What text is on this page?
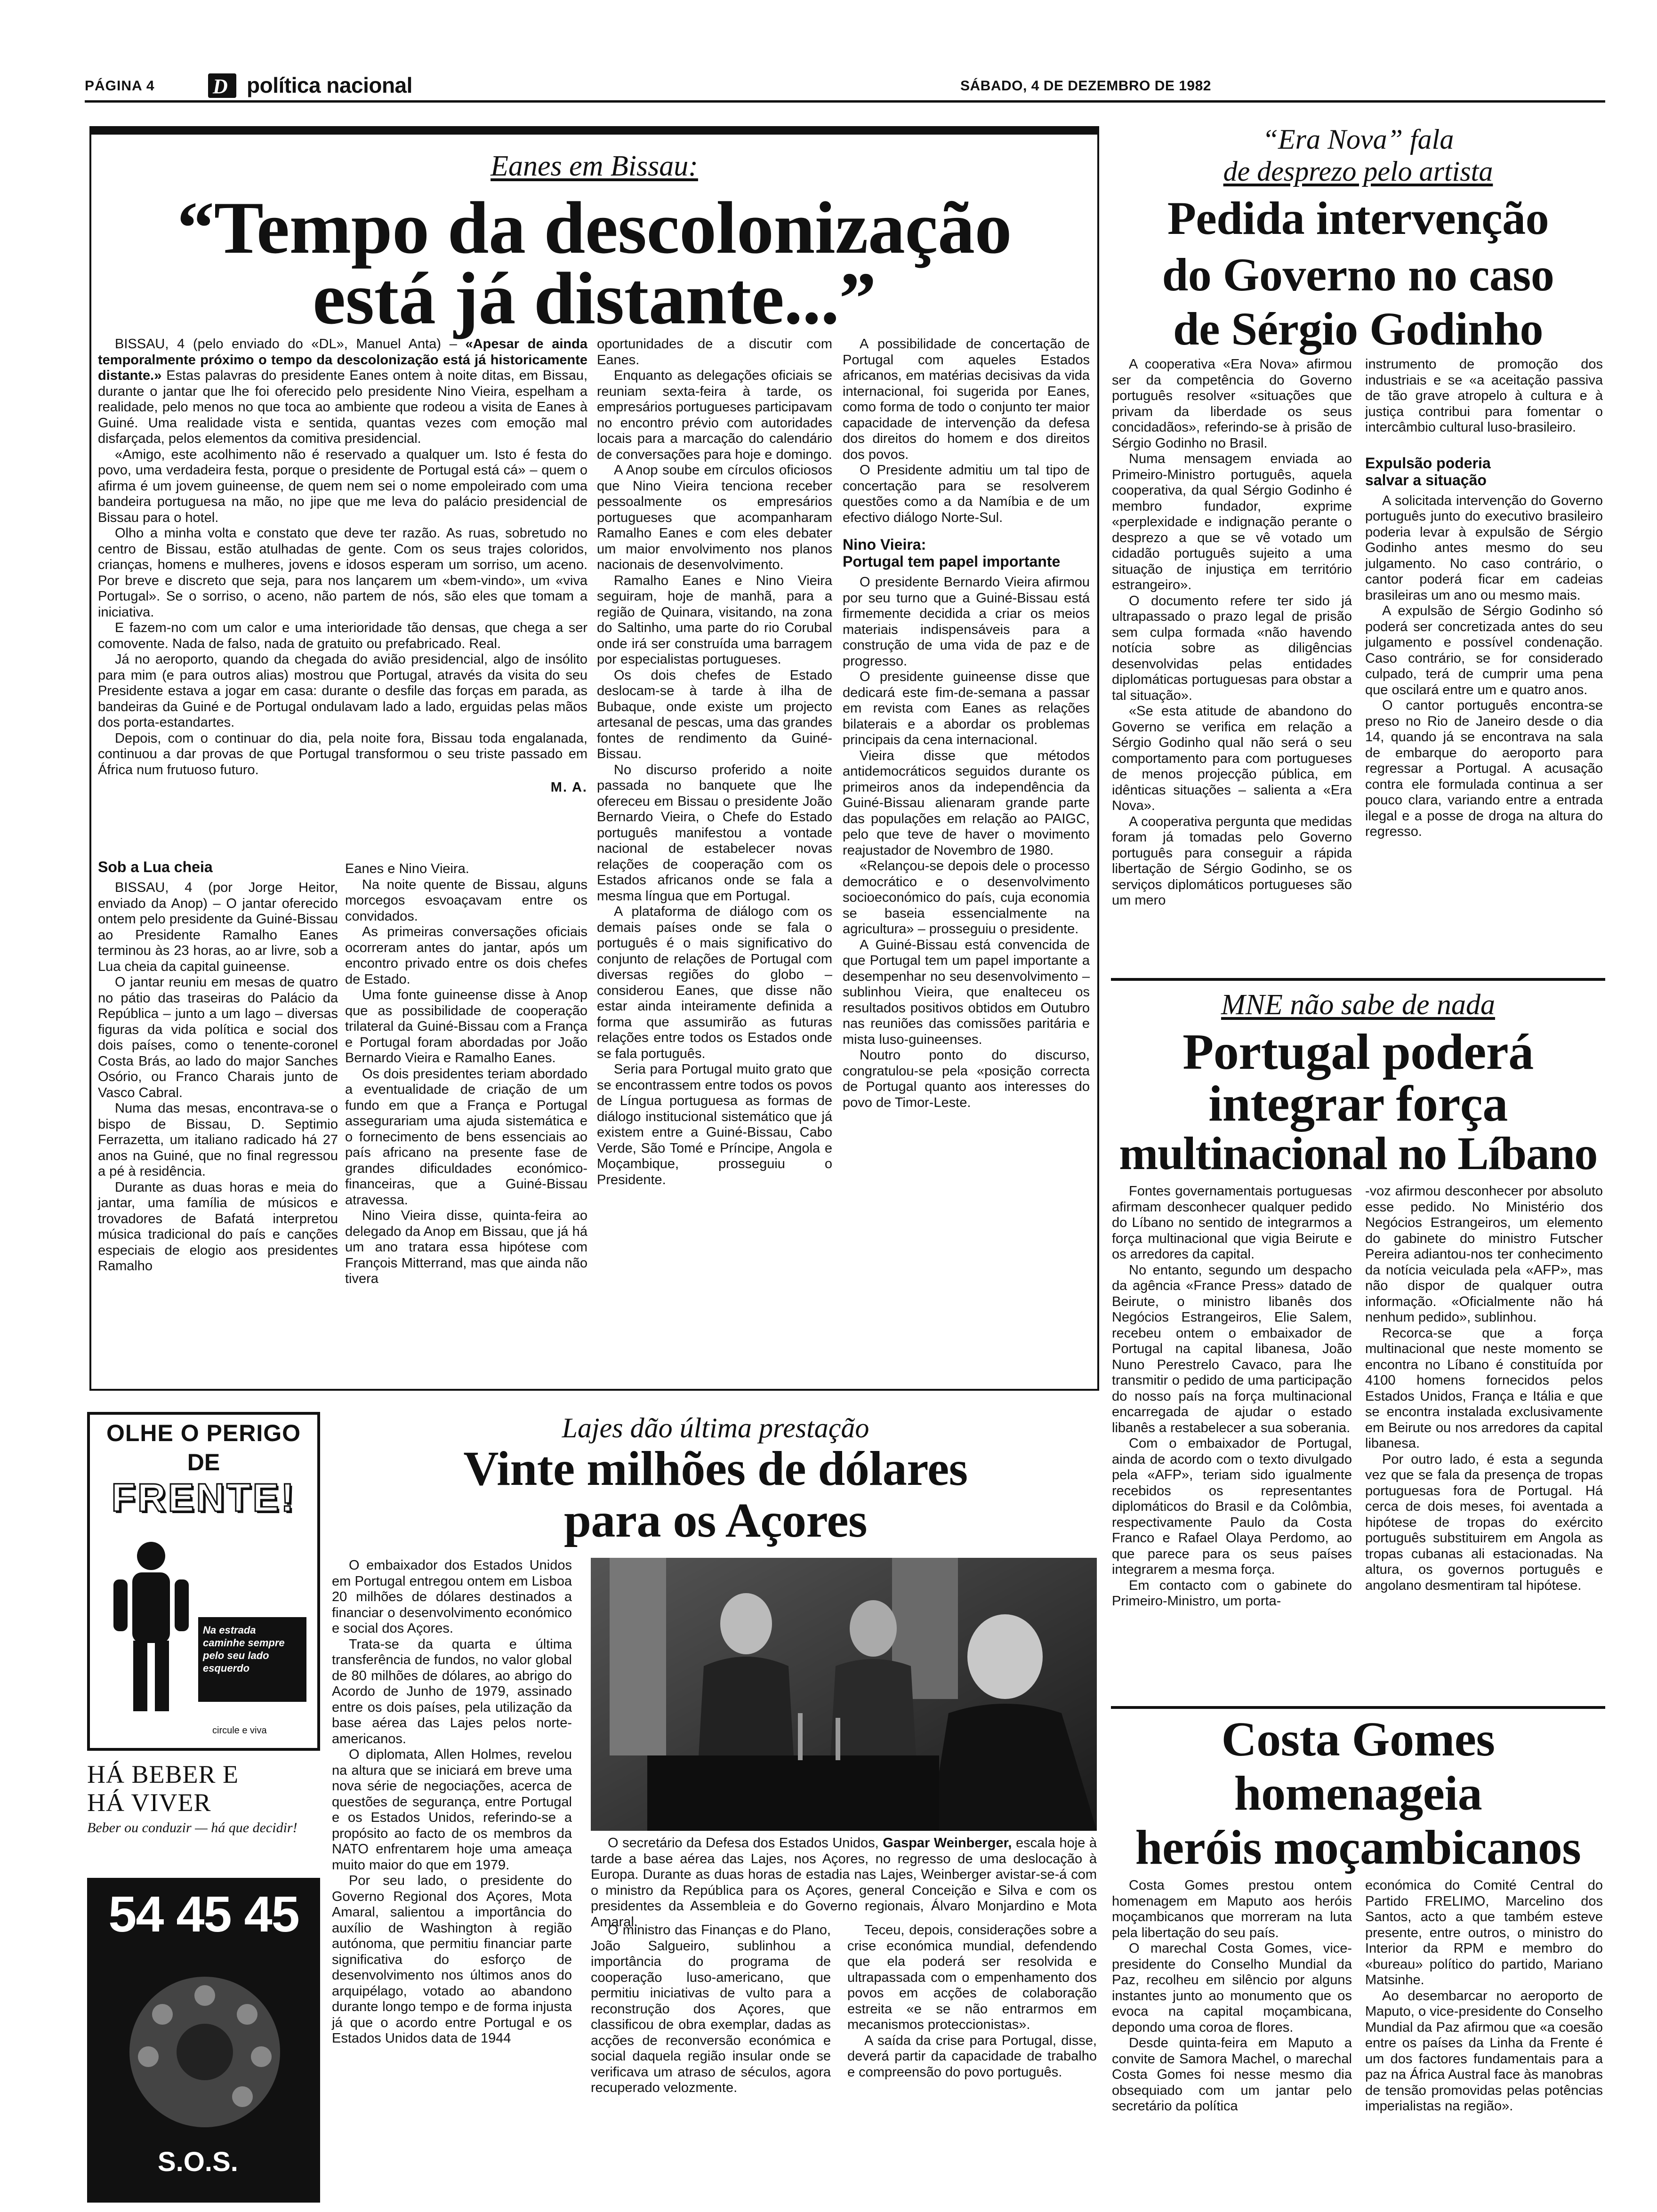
PÁGINA 4	D política nacional	SÁBADO, 4 DE DEZEMBRO DE 1982
Eanes em Bissau:
“Tempo da descolonização
está já distante...”

BISSAU, 4 (pelo enviado do «DL», Manuel Anta) – «Apesar de ainda temporalmente próximo o tempo da descolonização está já historicamente distante.» Estas palavras do presidente Eanes ontem à noite ditas, em Bissau, durante o jantar que lhe foi oferecido pelo presidente Nino Vieira, espelham a realidade, pelo menos no que toca ao ambiente que rodeou a visita de Eanes à Guiné. Uma realidade vista e sentida, quantas vezes com emoção mal disfarçada, pelos elementos da comitiva presidencial.

«Amigo, este acolhimento não é reservado a qualquer um. Isto é festa do povo, uma verdadeira festa, porque o presidente de Portugal está cá» – quem o afirma é um jovem guineense, de quem nem sei o nome empoleirado com uma bandeira portuguesa na mão, no jipe que me leva do palácio presidencial de Bissau para o hotel.

Olho a minha volta e constato que deve ter razão. As ruas, sobretudo no centro de Bissau, estão atulhadas de gente. Com os seus trajes coloridos, crianças, homens e mulheres, jovens e idosos esperam um sorriso, um aceno. Por breve e discreto que seja, para nos lançarem um «bem-vindo», um «viva Portugal». Se o sorriso, o aceno, não partem de nós, são eles que tomam a iniciativa.

E fazem-no com um calor e uma interioridade tão densas, que chega a ser comovente. Nada de falso, nada de gratuito ou prefabricado. Real.

Já no aeroporto, quando da chegada do avião presidencial, algo de insólito para mim (e para outros alias) mostrou que Portugal, através da visita do seu Presidente estava a jogar em casa: durante o desfile das forças em parada, as bandeiras da Guiné e de Portugal ondulavam lado a lado, erguidas pelas mãos dos porta-estandartes.

Depois, com o continuar do dia, pela noite fora, Bissau toda engalanada, continuou a dar provas de que Portugal transformou o seu triste passado em África num frutuoso futuro.

M. A.
Sob a Lua cheia

BISSAU, 4 (por Jorge Heitor, enviado da Anop) – O jantar oferecido ontem pelo presidente da Guiné-Bissau ao Presidente Ramalho Eanes terminou às 23 horas, ao ar livre, sob a Lua cheia da capital guineense.

O jantar reuniu em mesas de quatro no pátio das traseiras do Palácio da República – junto a um lago – diversas figuras da vida política e social dos dois países, como o tenente-coronel Costa Brás, ao lado do major Sanches Osório, ou Franco Charais junto de Vasco Cabral.

Numa das mesas, encontrava-se o bispo de Bissau, D. Septimio Ferrazetta, um italiano radicado há 27 anos na Guiné, que no final regressou a pé à residência.

Durante as duas horas e meia do jantar, uma família de músicos e trovadores de Bafatá interpretou música tradicional do país e canções especiais de elogio aos presidentes Ramalho

Eanes e Nino Vieira.

Na noite quente de Bissau, alguns morcegos esvoaçavam entre os convidados.

As primeiras conversações oficiais ocorreram antes do jantar, após um encontro privado entre os dois chefes de Estado.

Uma fonte guineense disse à Anop que as possibilidade de cooperação trilateral da Guiné-Bissau com a França e Portugal foram abordadas por João Bernardo Vieira e Ramalho Eanes.

Os dois presidentes teriam abordado a eventualidade de criação de um fundo em que a França e Portugal assegurariam uma ajuda sistemática e o fornecimento de bens essenciais ao país africano na presente fase de grandes dificuldades económico-financeiras, que a Guiné-Bissau atravessa.

Nino Vieira disse, quinta-feira ao delegado da Anop em Bissau, que já há um ano tratara essa hipótese com François Mitterrand, mas que ainda não tivera

oportunidades de a discutir com Eanes.

Enquanto as delegações oficiais se reuniam sexta-feira à tarde, os empresários portugueses participavam no encontro prévio com autoridades locais para a marcação do calendário de conversações para hoje e domingo.

A Anop soube em círculos oficiosos que Nino Vieira tenciona receber pessoalmente os empresários portugueses que acompanharam Ramalho Eanes e com eles debater um maior envolvimento nos planos nacionais de desenvolvimento.

Ramalho Eanes e Nino Vieira seguiram, hoje de manhã, para a região de Quinara, visitando, na zona do Saltinho, uma parte do rio Corubal onde irá ser construída uma barragem por especialistas portugueses.

Os dois chefes de Estado deslocam-se à tarde à ilha de Bubaque, onde existe um projecto artesanal de pescas, uma das grandes fontes de rendimento da Guiné-Bissau.

No discurso proferido a noite passada no banquete que lhe ofereceu em Bissau o presidente João Bernardo Vieira, o Chefe do Estado português manifestou a vontade nacional de estabelecer novas relações de cooperação com os Estados africanos onde se fala a mesma língua que em Portugal.

A plataforma de diálogo com os demais países onde se fala o português é o mais significativo do conjunto de relações de Portugal com diversas regiões do globo – considerou Eanes, que disse não estar ainda inteiramente definida a forma que assumirão as futuras relações entre todos os Estados onde se fala português.

Seria para Portugal muito grato que se encontrassem entre todos os povos de Língua portuguesa as formas de diálogo institucional sistemático que já existem entre a Guiné-Bissau, Cabo Verde, São Tomé e Príncipe, Angola e Moçambique, prosseguiu o Presidente.

A possibilidade de concertação de Portugal com aqueles Estados africanos, em matérias decisivas da vida internacional, foi sugerida por Eanes, como forma de todo o conjunto ter maior capacidade de intervenção da defesa dos direitos do homem e dos direitos dos povos.

O Presidente admitiu um tal tipo de concertação para se resolverem questões como a da Namíbia e de um efectivo diálogo Norte-Sul.

Nino Vieira:
Portugal tem papel importante

O presidente Bernardo Vieira afirmou por seu turno que a Guiné-Bissau está firmemente decidida a criar os meios materiais indispensáveis para a construção de uma vida de paz e de progresso.

O presidente guineense disse que dedicará este fim-de-semana a passar em revista com Eanes as relações bilaterais e a abordar os problemas principais da cena internacional.

Vieira disse que métodos antidemocráticos seguidos durante os primeiros anos da independência da Guiné-Bissau alienaram grande parte das populações em relação ao PAIGC, pelo que teve de haver o movimento reajustador de Novembro de 1980.

«Relançou-se depois dele o processo democrático e o desenvolvimento socioeconómico do país, cuja economia se baseia essencialmente na agricultura» – prosseguiu o presidente.

A Guiné-Bissau está convencida de que Portugal tem um papel importante a desempenhar no seu desenvolvimento – sublinhou Vieira, que enalteceu os resultados positivos obtidos em Outubro nas reuniões das comissões paritária e mista luso-guineenses.

Noutro ponto do discurso, congratulou-se pela «posição correcta de Portugal quanto aos interesses do povo de Timor-Leste.

“Era Nova” fala
de desprezo pelo artista
Pedida intervenção
do Governo no caso
de Sérgio Godinho

A cooperativa «Era Nova» afirmou ser da competência do Governo português resolver «situações que privam da liberdade os seus concidadãos», referindo-se à prisão de Sérgio Godinho no Brasil.

Numa mensagem enviada ao Primeiro-Ministro português, aquela cooperativa, da qual Sérgio Godinho é membro fundador, exprime «perplexidade e indignação perante o desprezo a que se vê votado um cidadão português sujeito a uma situação de injustiça em território estrangeiro».

O documento refere ter sido já ultrapassado o prazo legal de prisão sem culpa formada «não havendo notícia sobre as diligências desenvolvidas pelas entidades diplomáticas portuguesas para obstar a tal situação».

«Se esta atitude de abandono do Governo se verifica em relação a Sérgio Godinho qual não será o seu comportamento para com portugueses de menos projecção pública, em idênticas situações – salienta a «Era Nova».

A cooperativa pergunta que medidas foram já tomadas pelo Governo português para conseguir a rápida libertação de Sérgio Godinho, se os serviços diplomáticos portugueses são um mero

instrumento de promoção dos industriais e se «a aceitação passiva de tão grave atropelo à cultura e à justiça contribui para fomentar o intercâmbio cultural luso-brasileiro.

Expulsão poderia
salvar a situação

A solicitada intervenção do Governo português junto do executivo brasileiro poderia levar à expulsão de Sérgio Godinho antes mesmo do seu julgamento. No caso contrário, o cantor poderá ficar em cadeias brasileiras um ano ou mesmo mais.

A expulsão de Sérgio Godinho só poderá ser concretizada antes do seu julgamento e possível condenação. Caso contrário, se for considerado culpado, terá de cumprir uma pena que oscilará entre um e quatro anos.

O cantor português encontra-se preso no Rio de Janeiro desde o dia 14, quando já se encontrava na sala de embarque do aeroporto para regressar a Portugal. A acusação contra ele formulada continua a ser pouco clara, variando entre a entrada ilegal e a posse de droga na altura do regresso.

MNE não sabe de nada
Portugal poderá
integrar força
multinacional no Líbano

Fontes governamentais portuguesas afirmam desconhecer qualquer pedido do Líbano no sentido de integrarmos a força multinacional que vigia Beirute e os arredores da capital.

No entanto, segundo um despacho da agência «France Press» datado de Beirute, o ministro libanês dos Negócios Estrangeiros, Elie Salem, recebeu ontem o embaixador de Portugal na capital libanesa, João Nuno Perestrelo Cavaco, para lhe transmitir o pedido de uma participação do nosso país na força multinacional encarregada de ajudar o estado libanês a restabelecer a sua soberania.

Com o embaixador de Portugal, ainda de acordo com o texto divulgado pela «AFP», teriam sido igualmente recebidos os representantes diplomáticos do Brasil e da Colômbia, respectivamente Paulo da Costa Franco e Rafael Olaya Perdomo, ao que parece para os seus países integrarem a mesma força.

Em contacto com o gabinete do Primeiro-Ministro, um porta-

-voz afirmou desconhecer por absoluto esse pedido. No Ministério dos Negócios Estrangeiros, um elemento do gabinete do ministro Futscher Pereira adiantou-nos ter conhecimento da notícia veiculada pela «AFP», mas não dispor de qualquer outra informação. «Oficialmente não há nenhum pedido», sublinhou.

Recorca-se que a força multinacional que neste momento se encontra no Líbano é constituída por 4100 homens fornecidos pelos Estados Unidos, França e Itália e que se encontra instalada exclusivamente em Beirute ou nos arredores da capital libanesa.

Por outro lado, é esta a segunda vez que se fala da presença de tropas portuguesas fora de Portugal. Há cerca de dois meses, foi aventada a hipótese de tropas do exército português substituirem em Angola as tropas cubanas ali estacionadas. Na altura, os governos português e angolano desmentiram tal hipótese.

Costa Gomes
homenageia
heróis moçambicanos

Costa Gomes prestou ontem homenagem em Maputo aos heróis moçambicanos que morreram na luta pela libertação do seu país.

O marechal Costa Gomes, vice-presidente do Conselho Mundial da Paz, recolheu em silêncio por alguns instantes junto ao monumento que os evoca na capital moçambicana, depondo uma coroa de flores.

Desde quinta-feira em Maputo a convite de Samora Machel, o marechal Costa Gomes foi nesse mesmo dia obsequiado com um jantar pelo secretário da política

económica do Comité Central do Partido FRELIMO, Marcelino dos Santos, acto a que também esteve presente, entre outros, o ministro do Interior da RPM e membro do «bureau» político do partido, Mariano Matsinhe.

Ao desembarcar no aeroporto de Maputo, o vice-presidente do Conselho Mundial da Paz afirmou que «a coesão entre os países da Linha da Frente é um dos factores fundamentais para a paz na África Austral face às manobras de tensão promovidas pelas potências imperialistas na região».

Lajes dão última prestação
Vinte milhões de dólares
para os Açores

O embaixador dos Estados Unidos em Portugal entregou ontem em Lisboa 20 milhões de dólares destinados a financiar o desenvolvimento económico e social dos Açores.

Trata-se da quarta e última transferência de fundos, no valor global de 80 milhões de dólares, ao abrigo do Acordo de Junho de 1979, assinado entre os dois países, pela utilização da base aérea das Lajes pelos norte-americanos.

O diplomata, Allen Holmes, revelou na altura que se iniciará em breve uma nova série de negociações, acerca de questões de segurança, entre Portugal e os Estados Unidos, referindo-se a propósito ao facto de os membros da NATO enfrentarem hoje uma ameaça muito maior do que em 1979.

Por seu lado, o presidente do Governo Regional dos Açores, Mota Amaral, salientou a importância do auxílio de Washington à região autónoma, que permitiu financiar parte significativa do esforço de desenvolvimento nos últimos anos do arquipélago, votado ao abandono durante longo tempo e de forma injusta já que o acordo entre Portugal e os Estados Unidos data de 1944

O secretário da Defesa dos Estados Unidos, Gaspar Weinberger, escala hoje à tarde a base aérea das Lajes, nos Açores, no regresso de uma deslocação à Europa. Durante as duas horas de estadia nas Lajes, Weinberger avistar-se-á com o ministro da República para os Açores, general Conceição e Silva e com os presidentes da Assembleia e do Governo regionais, Álvaro Monjardino e Mota Amaral.

O ministro das Finanças e do Plano, João Salgueiro, sublinhou a importância do programa de cooperação luso-americano, que permitiu iniciativas de vulto para a reconstrução dos Açores, que classificou de obra exemplar, dadas as acções de reconversão económica e social daquela região insular onde se verificava um atraso de séculos, agora recuperado velozmente.

Teceu, depois, considerações sobre a crise económica mundial, defendendo que ela poderá ser resolvida e ultrapassada com o empenhamento dos povos em acções de colaboração estreita «e se não entrarmos em mecanismos proteccionistas».

A saída da crise para Portugal, disse, deverá partir da capacidade de trabalho e compreensão do povo português.

OLHE O PERIGO
DE
FRENTE!
Na estrada
caminhe sempre
pelo seu lado
esquerdo
circule e viva
HÁ BEBER E
HÁ VIVER
Beber ou conduzir — há que decidir!
54 45 45
S.O.S.
